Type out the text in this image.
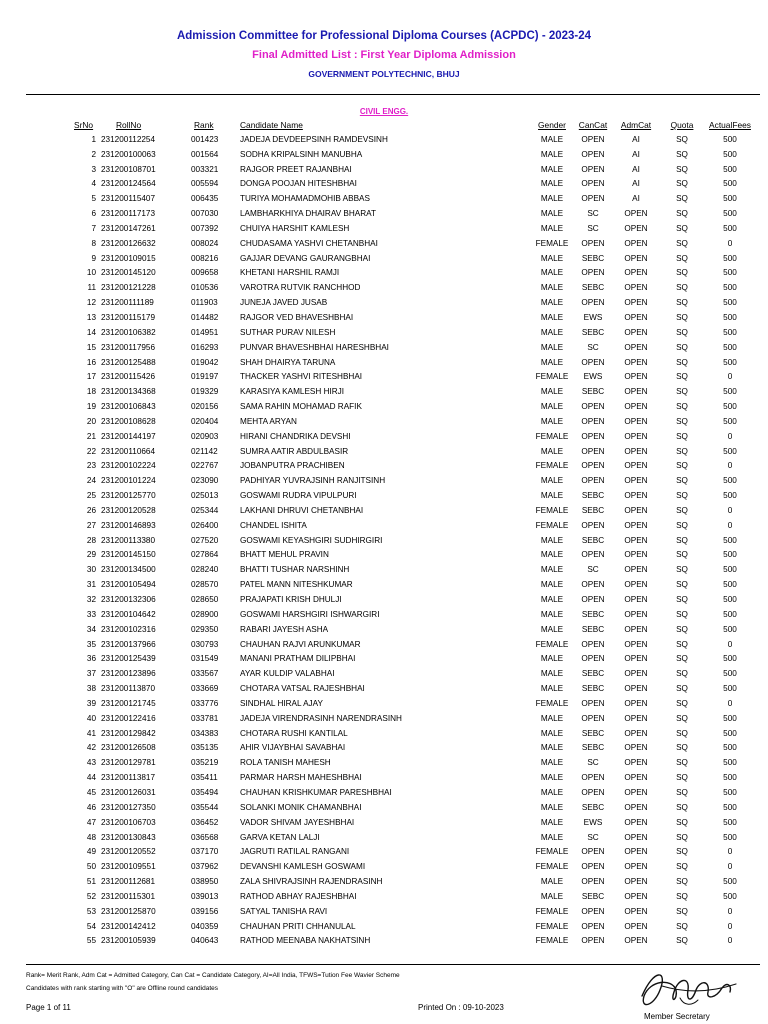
Admission Committee for Professional Diploma Courses (ACPDC) - 2023-24
Final Admitted List : First Year Diploma Admission
GOVERNMENT POLYTECHNIC, BHUJ
CIVIL ENGG.
SrNo	RollNo	Rank	Candidate Name	Gender	CanCat	AdmCat	Quota	ActualFees
1 231200112254	001423	JADEJA DEVDEEPSINH RAMDEVSINH	MALE	OPEN	AI	SQ	500
2 231200100063	001564	SODHA KRIPALSINH MANUBHA	MALE	OPEN	AI	SQ	500
3 231200108701	003321	RAJGOR PREET RAJANBHAI	MALE	OPEN	AI	SQ	500
4 231200124564	005594	DONGA POOJAN HITESHBHAI	MALE	OPEN	AI	SQ	500
5 231200115407	006435	TURIYA MOHAMADMOHIB ABBAS	MALE	OPEN	AI	SQ	500
6 231200117173	007030	LAMBHARKHIYA DHAIRAV BHARAT	MALE	SC	OPEN	SQ	500
7 231200147261	007392	CHUIYA HARSHIT KAMLESH	MALE	SC	OPEN	SQ	500
8 231200126632	008024	CHUDASAMA YASHVI CHETANBHAI	FEMALE	OPEN	OPEN	SQ	0
9 231200109015	008216	GAJJAR DEVANG GAURANGBHAI	MALE	SEBC	OPEN	SQ	500
10 231200145120	009658	KHETANI HARSHIL RAMJI	MALE	OPEN	OPEN	SQ	500
11 231200121228	010536	VAROTRA RUTVIK RANCHHOD	MALE	SEBC	OPEN	SQ	500
12 231200111189	011903	JUNEJA JAVED JUSAB	MALE	OPEN	OPEN	SQ	500
13 231200115179	014482	RAJGOR VED BHAVESHBHAI	MALE	EWS	OPEN	SQ	500
14 231200106382	014951	SUTHAR PURAV NILESH	MALE	SEBC	OPEN	SQ	500
15 231200117956	016293	PUNVAR BHAVESHBHAI HARESHBHAI	MALE	SC	OPEN	SQ	500
16 231200125488	019042	SHAH DHAIRYA TARUNA	MALE	OPEN	OPEN	SQ	500
17 231200115426	019197	THACKER YASHVI RITESHBHAI	FEMALE	EWS	OPEN	SQ	0
18 231200134368	019329	KARASIYA KAMLESH HIRJI	MALE	SEBC	OPEN	SQ	500
19 231200106843	020156	SAMA RAHIN MOHAMAD RAFIK	MALE	OPEN	OPEN	SQ	500
20 231200108628	020404	MEHTA ARYAN	MALE	OPEN	OPEN	SQ	500
21 231200144197	020903	HIRANI CHANDRIKA DEVSHI	FEMALE	OPEN	OPEN	SQ	0
22 231200110664	021142	SUMRA AATIR ABDULBASIR	MALE	OPEN	OPEN	SQ	500
23 231200102224	022767	JOBANPUTRA PRACHIBEN	FEMALE	OPEN	OPEN	SQ	0
24 231200101224	023090	PADHIYAR YUVRAJSINH RANJITSINH	MALE	OPEN	OPEN	SQ	500
25 231200125770	025013	GOSWAMI RUDRA VIPULPURI	MALE	SEBC	OPEN	SQ	500
26 231200120528	025344	LAKHANI DHRUVI CHETANBHAI	FEMALE	SEBC	OPEN	SQ	0
27 231200146893	026400	CHANDEL ISHITA	FEMALE	OPEN	OPEN	SQ	0
28 231200113380	027520	GOSWAMI KEYASHGIRI SUDHIRGIRI	MALE	SEBC	OPEN	SQ	500
29 231200145150	027864	BHATT MEHUL PRAVIN	MALE	OPEN	OPEN	SQ	500
30 231200134500	028240	BHATTI TUSHAR NARSHINH	MALE	SC	OPEN	SQ	500
31 231200105494	028570	PATEL MANN NITESHKUMAR	MALE	OPEN	OPEN	SQ	500
32 231200132306	028650	PRAJAPATI KRISH DHULJI	MALE	OPEN	OPEN	SQ	500
33 231200104642	028900	GOSWAMI HARSHGIRI ISHWARGIRI	MALE	SEBC	OPEN	SQ	500
34 231200102316	029350	RABARI JAYESH ASHA	MALE	SEBC	OPEN	SQ	500
35 231200137966	030793	CHAUHAN RAJVI ARUNKUMAR	FEMALE	OPEN	OPEN	SQ	0
36 231200125439	031549	MANANI PRATHAM DILIPBHAI	MALE	OPEN	OPEN	SQ	500
37 231200123896	033567	AYAR KULDIP VALABHAI	MALE	SEBC	OPEN	SQ	500
38 231200113870	033669	CHOTARA VATSAL RAJESHBHAI	MALE	SEBC	OPEN	SQ	500
39 231200121745	033776	SINDHAL HIRAL AJAY	FEMALE	OPEN	OPEN	SQ	0
40 231200122416	033781	JADEJA VIRENDRASINH NARENDRASINH	MALE	OPEN	OPEN	SQ	500
41 231200129842	034383	CHOTARA RUSHI KANTILAL	MALE	SEBC	OPEN	SQ	500
42 231200126508	035135	AHIR VIJAYBHAI SAVABHAI	MALE	SEBC	OPEN	SQ	500
43 231200129781	035219	ROLA TANISH MAHESH	MALE	SC	OPEN	SQ	500
44 231200113817	035411	PARMAR HARSH MAHESHBHAI	MALE	OPEN	OPEN	SQ	500
45 231200126031	035494	CHAUHAN KRISHKUMAR PARESHBHAI	MALE	OPEN	OPEN	SQ	500
46 231200127350	035544	SOLANKI MONIK CHAMANBHAI	MALE	SEBC	OPEN	SQ	500
47 231200106703	036452	VADOR SHIVAM JAYESHBHAI	MALE	EWS	OPEN	SQ	500
48 231200130843	036568	GARVA KETAN LALJI	MALE	SC	OPEN	SQ	500
49 231200120552	037170	JAGRUTI RATILAL RANGANI	FEMALE	OPEN	OPEN	SQ	0
50 231200109551	037962	DEVANSHI KAMLESH GOSWAMI	FEMALE	OPEN	OPEN	SQ	0
51 231200112681	038950	ZALA SHIVRAJSINH RAJENDRASINH	MALE	OPEN	OPEN	SQ	500
52 231200115301	039013	RATHOD ABHAY RAJESHBHAI	MALE	SEBC	OPEN	SQ	500
53 231200125870	039156	SATYAL TANISHA RAVI	FEMALE	OPEN	OPEN	SQ	0
54 231200142412	040359	CHAUHAN PRITI CHHANULAL	FEMALE	OPEN	OPEN	SQ	0
55 231200105939	040643	RATHOD MEENABA NAKHATSINH	FEMALE	OPEN	OPEN	SQ	0
Rank= Merit Rank, Adm Cat = Admitted Category, Can Cat = Candidate Category, AI=All India, TFWS=Tution Fee Wavier Scheme
Candidates with rank starting with "O" are Offline round candidates
Page 1 of 11	Printed On : 09-10-2023
Member Secretary
